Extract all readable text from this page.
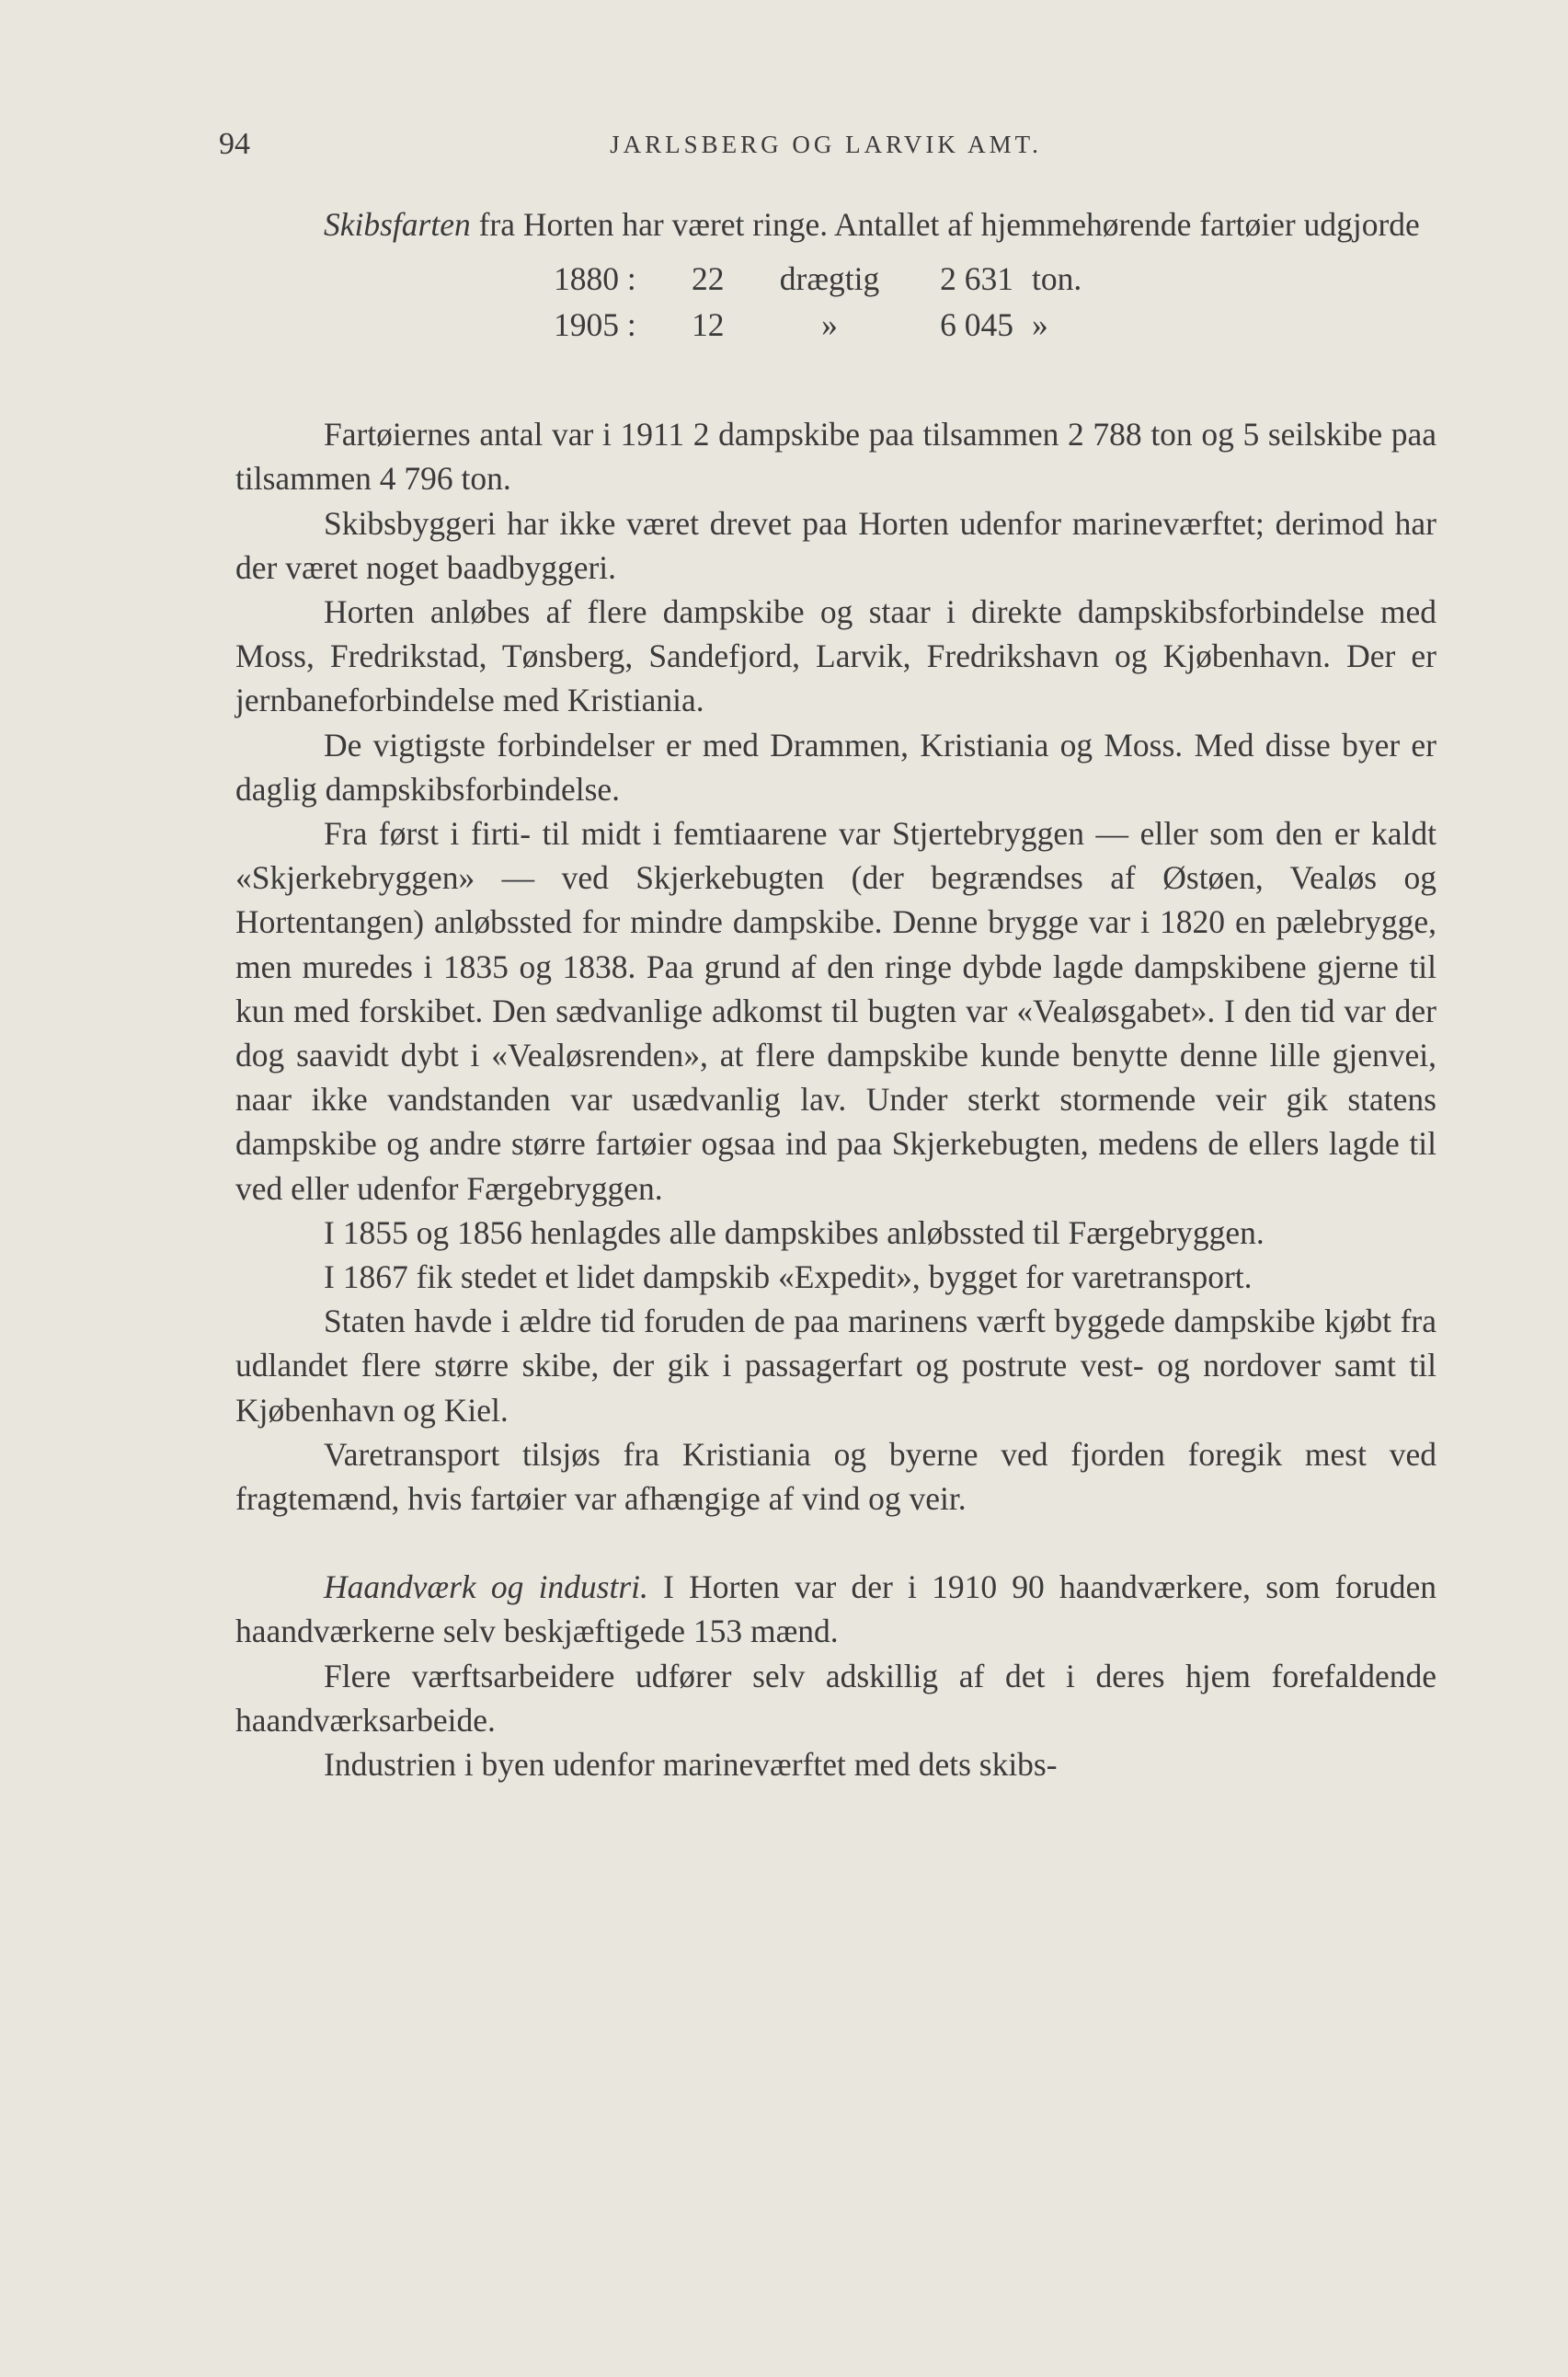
94	JARLSBERG OG LARVIK AMT.

Skibsfarten fra Horten har været ringe. Antallet af hjemmehørende fartøier udgjorde

1880 :	22	drægtig	2 631	ton.
1905 :	12	»	6 045	»

Fartøiernes antal var i 1911 2 dampskibe paa tilsammen 2 788 ton og 5 seilskibe paa tilsammen 4 796 ton.

Skibsbyggeri har ikke været drevet paa Horten udenfor marineværftet; derimod har der været noget baadbyggeri.

Horten anløbes af flere dampskibe og staar i direkte dampskibsforbindelse med Moss, Fredrikstad, Tønsberg, Sandefjord, Larvik, Fredrikshavn og Kjøbenhavn. Der er jernbaneforbindelse med Kristiania.

De vigtigste forbindelser er med Drammen, Kristiania og Moss. Med disse byer er daglig dampskibsforbindelse.

Fra først i firti- til midt i femtiaarene var Stjertebryggen — eller som den er kaldt «Skjerkebryggen» — ved Skjerkebugten (der begrændses af Østøen, Vealøs og Hortentangen) anløbssted for mindre dampskibe. Denne brygge var i 1820 en pælebrygge, men muredes i 1835 og 1838. Paa grund af den ringe dybde lagde dampskibene gjerne til kun med forskibet. Den sædvanlige adkomst til bugten var «Vealøsgabet». I den tid var der dog saavidt dybt i «Vealøsrenden», at flere dampskibe kunde benytte denne lille gjenvei, naar ikke vandstanden var usædvanlig lav. Under sterkt stormende veir gik statens dampskibe og andre større fartøier ogsaa ind paa Skjerkebugten, medens de ellers lagde til ved eller udenfor Færgebryggen.

I 1855 og 1856 henlagdes alle dampskibes anløbssted til Færgebryggen.

I 1867 fik stedet et lidet dampskib «Expedit», bygget for varetransport.

Staten havde i ældre tid foruden de paa marinens værft byggede dampskibe kjøbt fra udlandet flere større skibe, der gik i passagerfart og postrute vest- og nordover samt til Kjøbenhavn og Kiel.

Varetransport tilsjøs fra Kristiania og byerne ved fjorden foregik mest ved fragtemænd, hvis fartøier var afhængige af vind og veir.

Haandværk og industri. I Horten var der i 1910 90 haandværkere, som foruden haandværkerne selv beskjæftigede 153 mænd.

Flere værftsarbeidere udfører selv adskillig af det i deres hjem forefaldende haandværksarbeide.

Industrien i byen udenfor marineværftet med dets skibs-
